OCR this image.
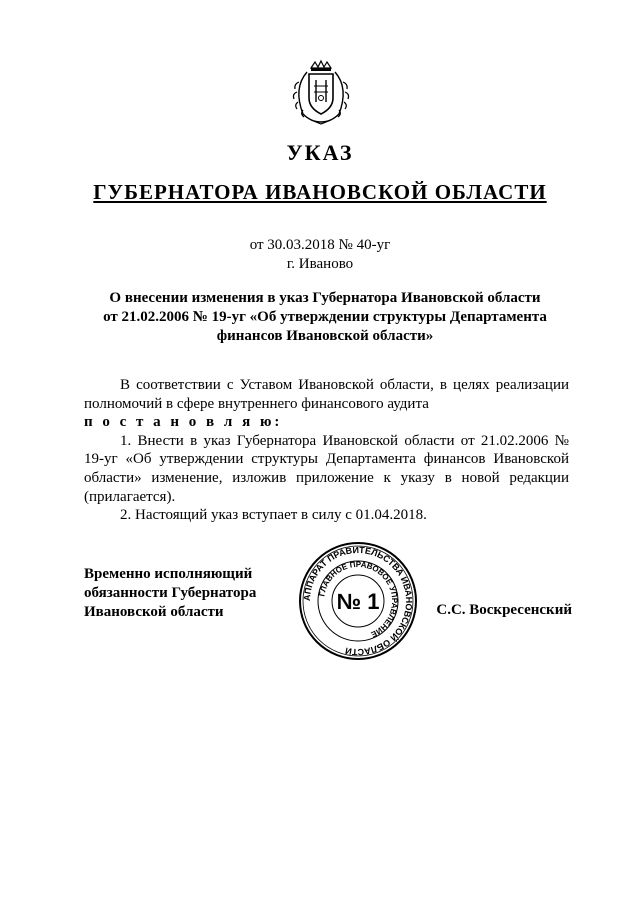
УКАЗ
ГУБЕРНАТОРА ИВАНОВСКОЙ ОБЛАСТИ
от 30.03.2018 № 40-уг
г. Иваново
О внесении изменения в указ Губернатора Ивановской области
от 21.02.2006 № 19-уг «Об утверждении структуры Департамента
финансов Ивановской области»

В соответствии с Уставом Ивановской области, в целях реализации полномочий в сфере внутреннего финансового аудита

п о с т а н о в л я ю:

1. Внести в указ Губернатора Ивановской области от 21.02.2006 № 19-уг «Об утверждении структуры Департамента финансов Ивановской области» изменение, изложив приложение к указу в новой редакции (прилагается).

2. Настоящий указ вступает в силу с 01.04.2018.

Временно исполняющий
обязанности Губернатора
Ивановской области
АППАРАТ ПРАВИТЕЛЬСТВА ИВАНОВСКОЙ ОБЛАСТИ
ГЛАВНОЕ ПРАВОВОЕ УПРАВЛЕНИЕ
№ 1	С.С. Воскресенский
